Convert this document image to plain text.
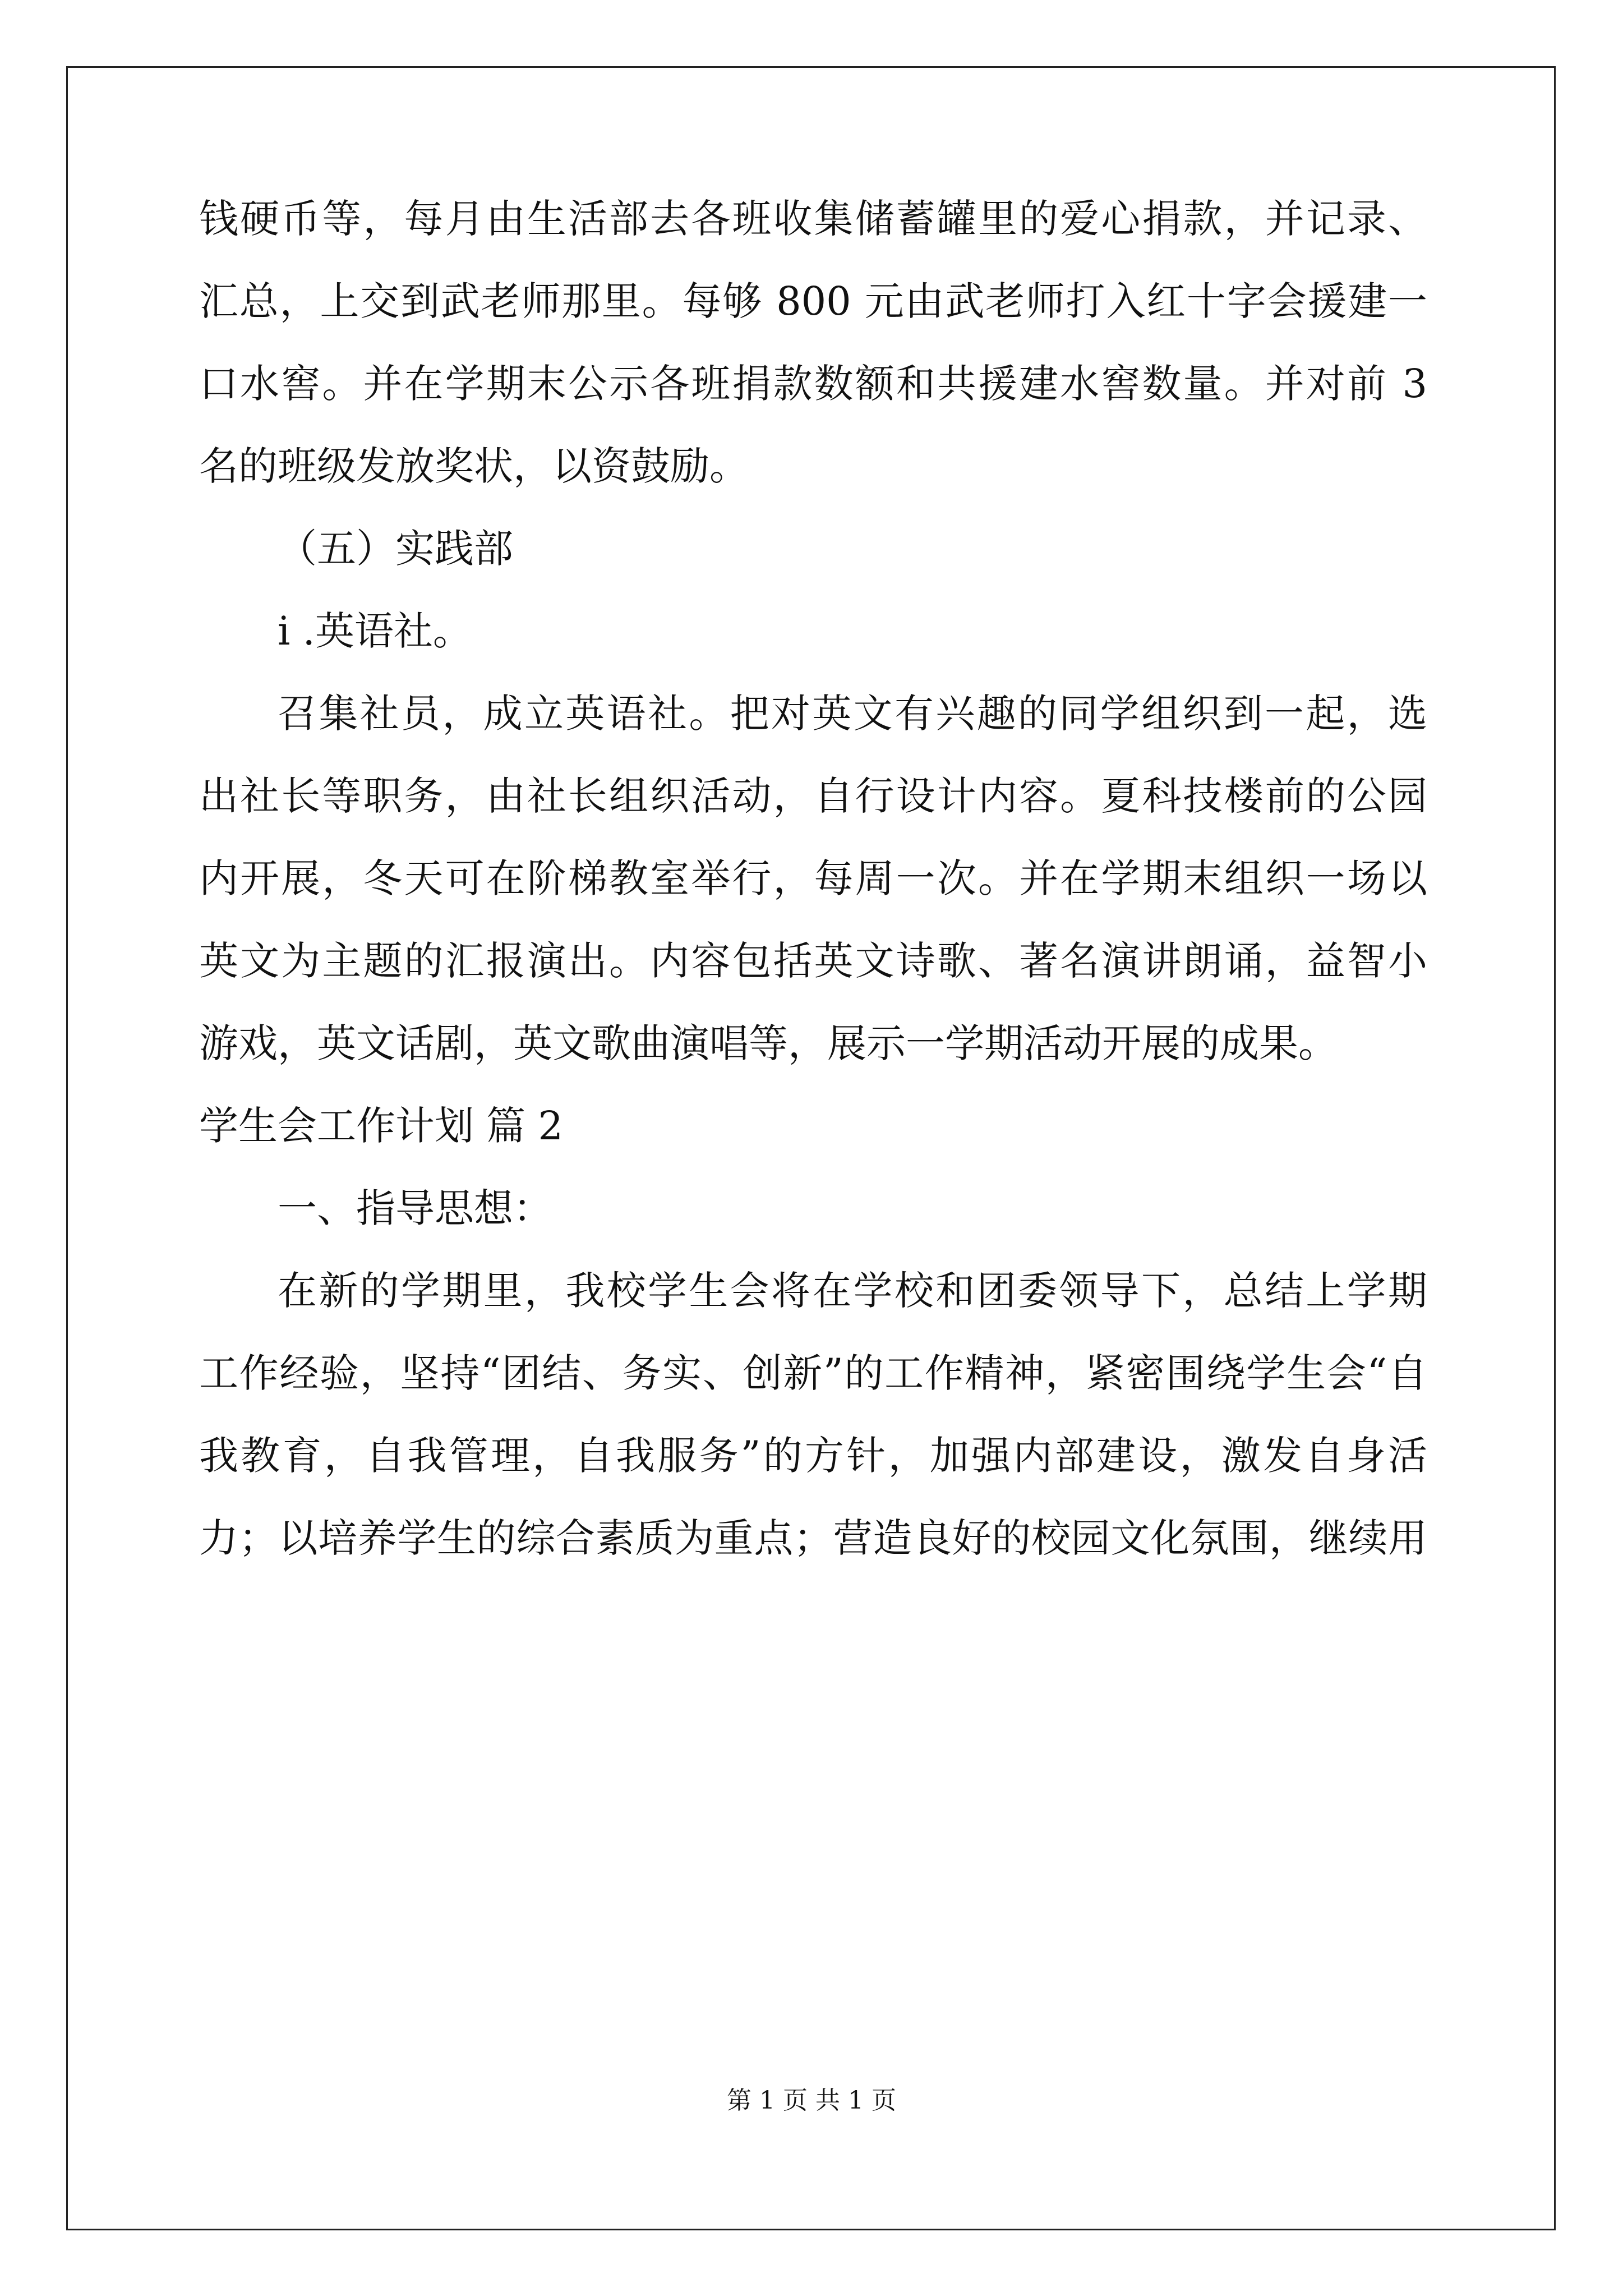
钱硬币等，每月由生活部去各班收集储蓄罐里的爱心捐款，并记录、
汇总，上交到武老师那里。每够 800 元由武老师打入红十字会援建一
口水窖。并在学期末公示各班捐款数额和共援建水窖数量。并对前 3
名的班级发放奖状，以资鼓励。
（五）实践部
i .英语社。
召集社员，成立英语社。把对英文有兴趣的同学组织到一起，选
出社长等职务，由社长组织活动，自行设计内容。夏科技楼前的公园
内开展，冬天可在阶梯教室举行，每周一次。并在学期末组织一场以
英文为主题的汇报演出。内容包括英文诗歌、著名演讲朗诵，益智小
游戏，英文话剧，英文歌曲演唱等，展示一学期活动开展的成果。
学生会工作计划 篇 2
一、指导思想：
在新的学期里，我校学生会将在学校和团委领导下，总结上学期
工作经验，坚持“团结、务实、创新”的工作精神，紧密围绕学生会“自
我教育，自我管理，自我服务”的方针，加强内部建设，激发自身活
力；以培养学生的综合素质为重点；营造良好的校园文化氛围，继续用
第 1 页 共 1 页
